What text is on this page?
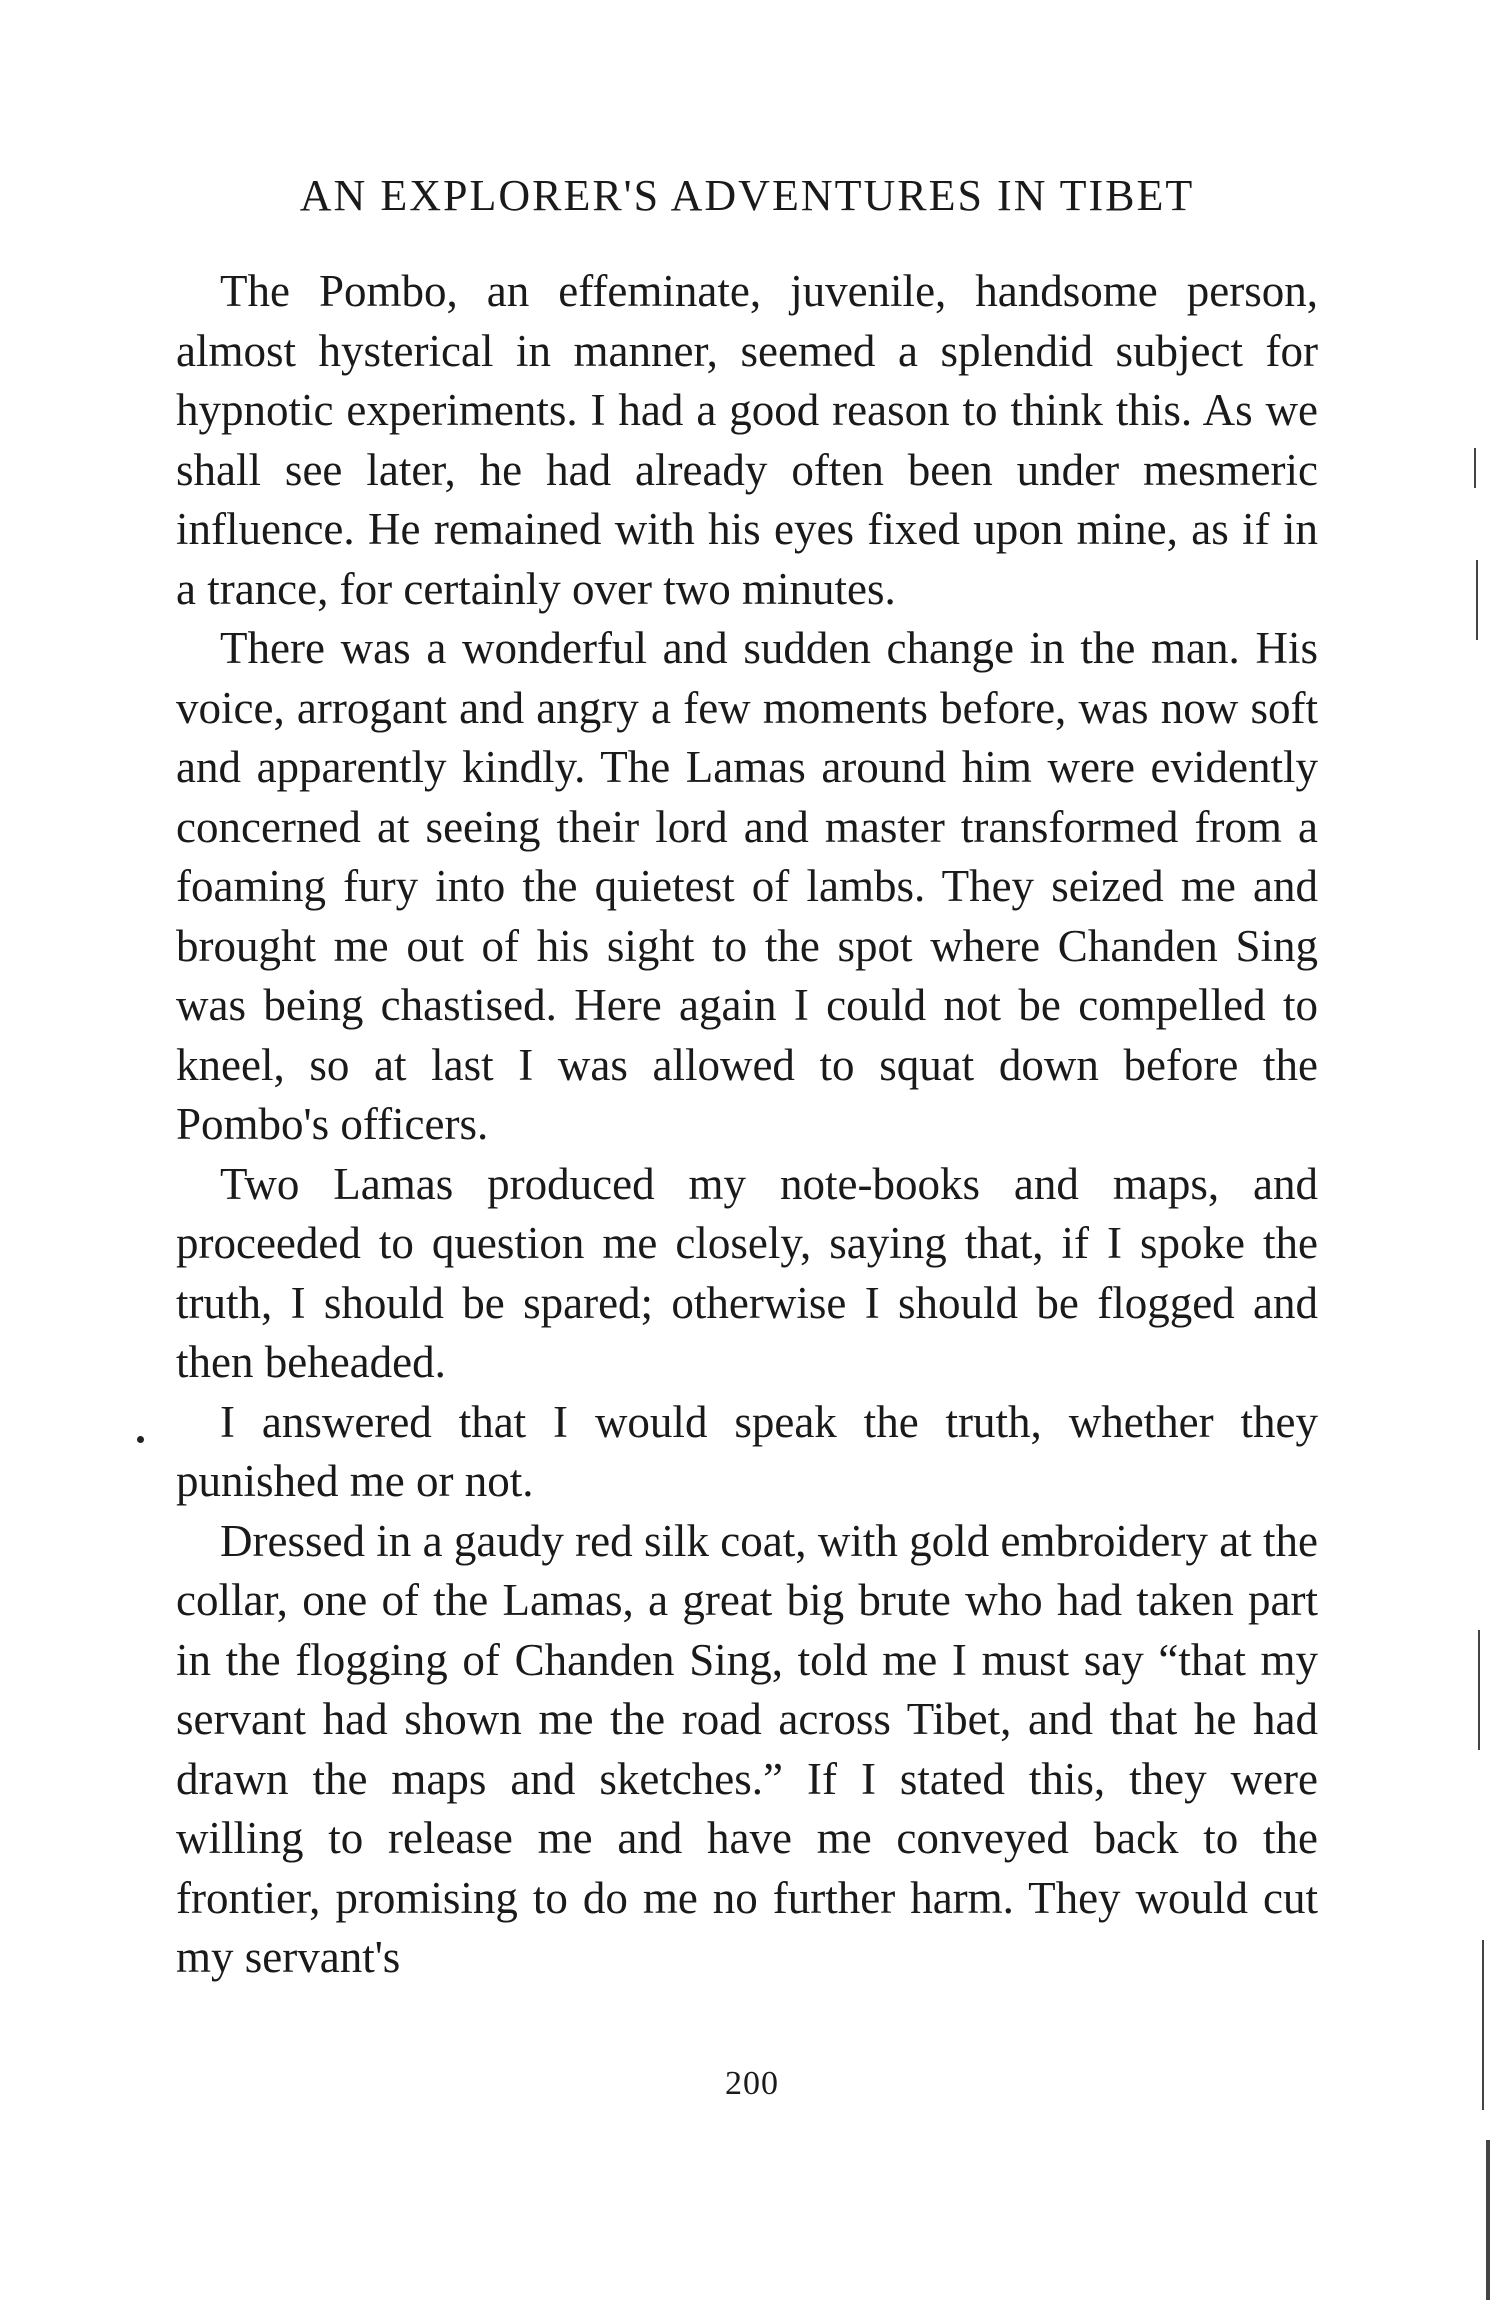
AN EXPLORER'S ADVENTURES IN TIBET

The Pombo, an effeminate, juvenile, handsome person, almost hysterical in manner, seemed a splendid subject for hypnotic experiments. I had a good reason to think this. As we shall see later, he had already often been under mesmeric influence. He remained with his eyes fixed upon mine, as if in a trance, for certainly over two minutes.

There was a wonderful and sudden change in the man. His voice, arrogant and angry a few moments before, was now soft and apparently kindly. The Lamas around him were evidently concerned at seeing their lord and master transformed from a foaming fury into the quietest of lambs. They seized me and brought me out of his sight to the spot where Chanden Sing was being chastised. Here again I could not be compelled to kneel, so at last I was allowed to squat down before the Pombo's officers.

Two Lamas produced my note-books and maps, and proceeded to question me closely, saying that, if I spoke the truth, I should be spared; otherwise I should be flogged and then beheaded.

I answered that I would speak the truth, whether they punished me or not.

Dressed in a gaudy red silk coat, with gold embroidery at the collar, one of the Lamas, a great big brute who had taken part in the flogging of Chanden Sing, told me I must say “that my servant had shown me the road across Tibet, and that he had drawn the maps and sketches.” If I stated this, they were willing to release me and have me conveyed back to the frontier, promising to do me no further harm. They would cut my servant's

200
